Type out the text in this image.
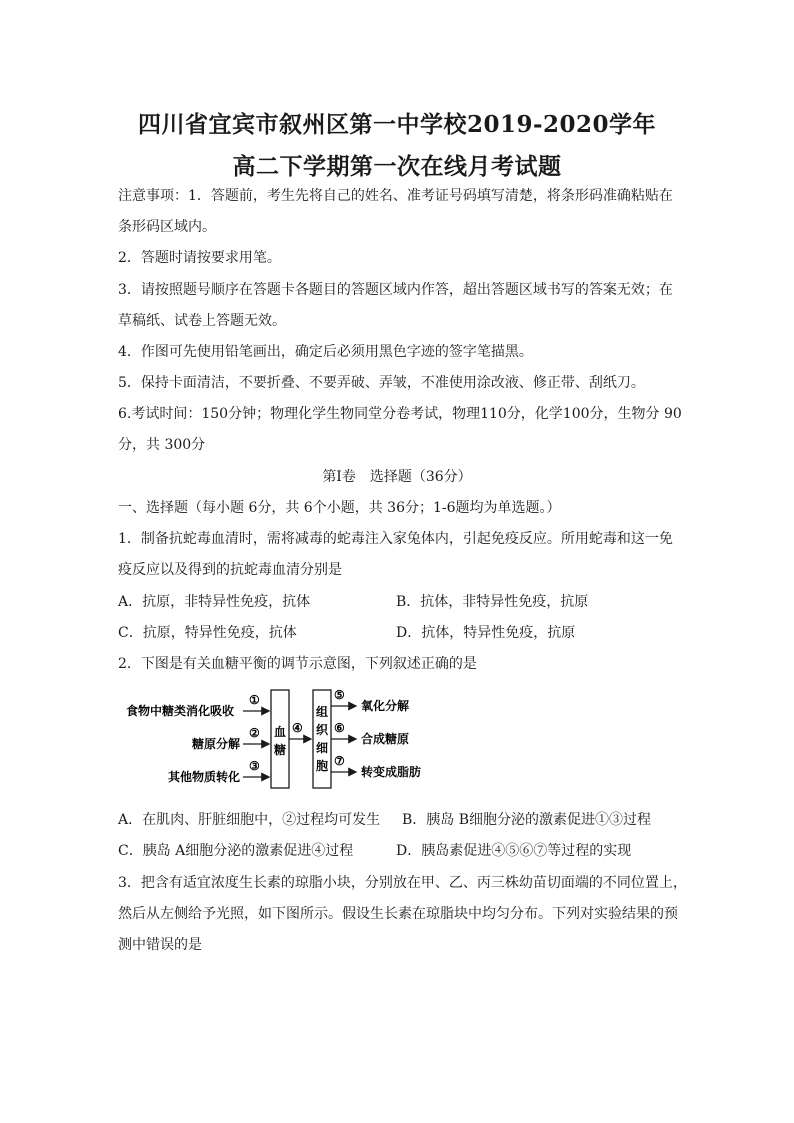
四川省宜宾市叙州区第一中学校2019-2020学年
高二下学期第一次在线月考试题
注意事项：1．答题前，考生先将自己的姓名、准考证号码填写清楚，将条形码准确粘贴在
条形码区域内。
2．答题时请按要求用笔。
3．请按照题号顺序在答题卡各题目的答题区域内作答，超出答题区域书写的答案无效；在
草稿纸、试卷上答题无效。
4．作图可先使用铅笔画出，确定后必须用黑色字迹的签字笔描黑。
5．保持卡面清洁，不要折叠、不要弄破、弄皱，不准使用涂改液、修正带、刮纸刀。
6.考试时间：150分钟；物理化学生物同堂分卷考试，物理110分，化学100分，生物分 90
分，共 300分
第Ⅰ卷　选择题（36分）
一、选择题（每小题 6分，共 6个小题，共 36分；1-6题均为单选题。）
1．制备抗蛇毒血清时，需将减毒的蛇毒注入家兔体内，引起免疫反应。所用蛇毒和这一免
疫反应以及得到的抗蛇毒血清分别是
A．抗原，非特异性免疫，抗体	B．抗体，非特异性免疫，抗原
C．抗原，特异性免疫，抗体	D．抗体，特异性免疫，抗原
2．下图是有关血糖平衡的调节示意图，下列叙述正确的是
食物中糖类消化吸收
糖原分解
其他物质转化
①
②
③
血
糖
④
组
织
细
胞
⑤
⑥
⑦
氧化分解
合成糖原
转变成脂肪
A．在肌肉、肝脏细胞中，②过程均可发生 B．胰岛 B细胞分泌的激素促进①③过程
C．胰岛 A细胞分泌的激素促进④过程	D．胰岛素促进④⑤⑥⑦等过程的实现
3．把含有适宜浓度生长素的琼脂小块，分别放在甲、乙、丙三株幼苗切面端的不同位置上，
然后从左侧给予光照，如下图所示。假设生长素在琼脂块中均匀分布。下列对实验结果的预
测中错误的是
